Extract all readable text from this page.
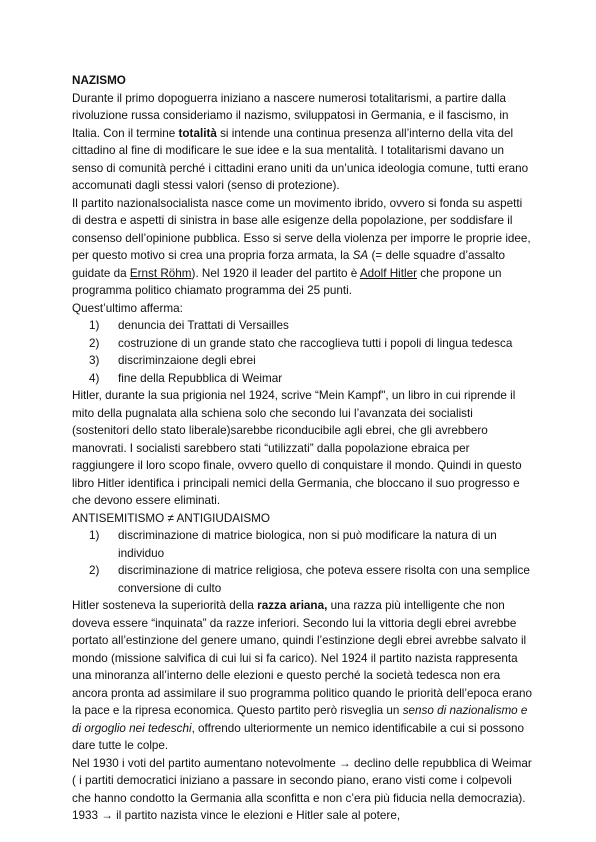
NAZISMO

Durante il primo dopoguerra iniziano a nascere numerosi totalitarismi, a partire dalla rivoluzione russa consideriamo il nazismo, sviluppatosi in Germania, e il fascismo, in Italia. Con il termine totalità si intende una continua presenza all’interno della vita del cittadino al fine di modificare le sue idee e la sua mentalità. I totalitarismi davano un senso di comunità perché i cittadini erano uniti da un’unica ideologia comune, tutti erano accomunati dagli stessi valori (senso di protezione).

Il partito nazionalsocialista nasce come un movimento ibrido, ovvero si fonda su aspetti di destra e aspetti di sinistra in base alle esigenze della popolazione, per soddisfare il consenso dell’opinione pubblica. Esso si serve della violenza per imporre le proprie idee, per questo motivo si crea una propria forza armata, la SA (= delle squadre d’assalto guidate da Ernst Röhm). Nel 1920 il leader del partito è Adolf Hitler che propone un programma politico chiamato programma dei 25 punti.

Quest’ultimo afferma:

1) denuncia dei Trattati di Versailles
2) costruzione di un grande stato che raccoglieva tutti i popoli di lingua tedesca
3) discriminzaione degli ebrei
4) fine della Repubblica di Weimar

Hitler, durante la sua prigionia nel 1924, scrive “Mein Kampf", un libro in cui riprende il mito della pugnalata alla schiena solo che secondo lui l’avanzata dei socialisti (sostenitori dello stato liberale)sarebbe riconducibile agli ebrei, che gli avrebbero manovrati. I socialisti sarebbero stati “utilizzati” dalla popolazione ebraica per raggiungere il loro scopo finale, ovvero quello di conquistare il mondo. Quindi in questo libro Hitler identifica i principali nemici della Germania, che bloccano il suo progresso e che devono essere eliminati.

ANTISEMITISMO ≠ ANTIGIUDAISMO

1) discriminazione di matrice biologica, non si può modificare la natura di un individuo
2) discriminazione di matrice religiosa, che poteva essere risolta con una semplice conversione di culto

Hitler sosteneva la superiorità della razza ariana, una razza più intelligente che non doveva essere “inquinata” da razze inferiori. Secondo lui la vittoria degli ebrei avrebbe portato all’estinzione del genere umano, quindi l’estinzione degli ebrei avrebbe salvato il mondo (missione salvifica di cui lui si fa carico). Nel 1924 il partito nazista rappresenta una minoranza all’interno delle elezioni e questo perché la società tedesca non era ancora pronta ad assimilare il suo programma politico quando le priorità dell’epoca erano la pace e la ripresa economica. Questo partito però risveglia un senso di nazionalismo e di orgoglio nei tedeschi, offrendo ulteriormente un nemico identificabile a cui si possono dare tutte le colpe.

Nel 1930 i voti del partito aumentano notevolmente → declino delle repubblica di Weimar ( i partiti democratici iniziano a passare in secondo piano, erano visti come i colpevoli che hanno condotto la Germania alla sconfitta e non c’era più fiducia nella democrazia).

1933 → il partito nazista vince le elezioni e Hitler sale al potere,
